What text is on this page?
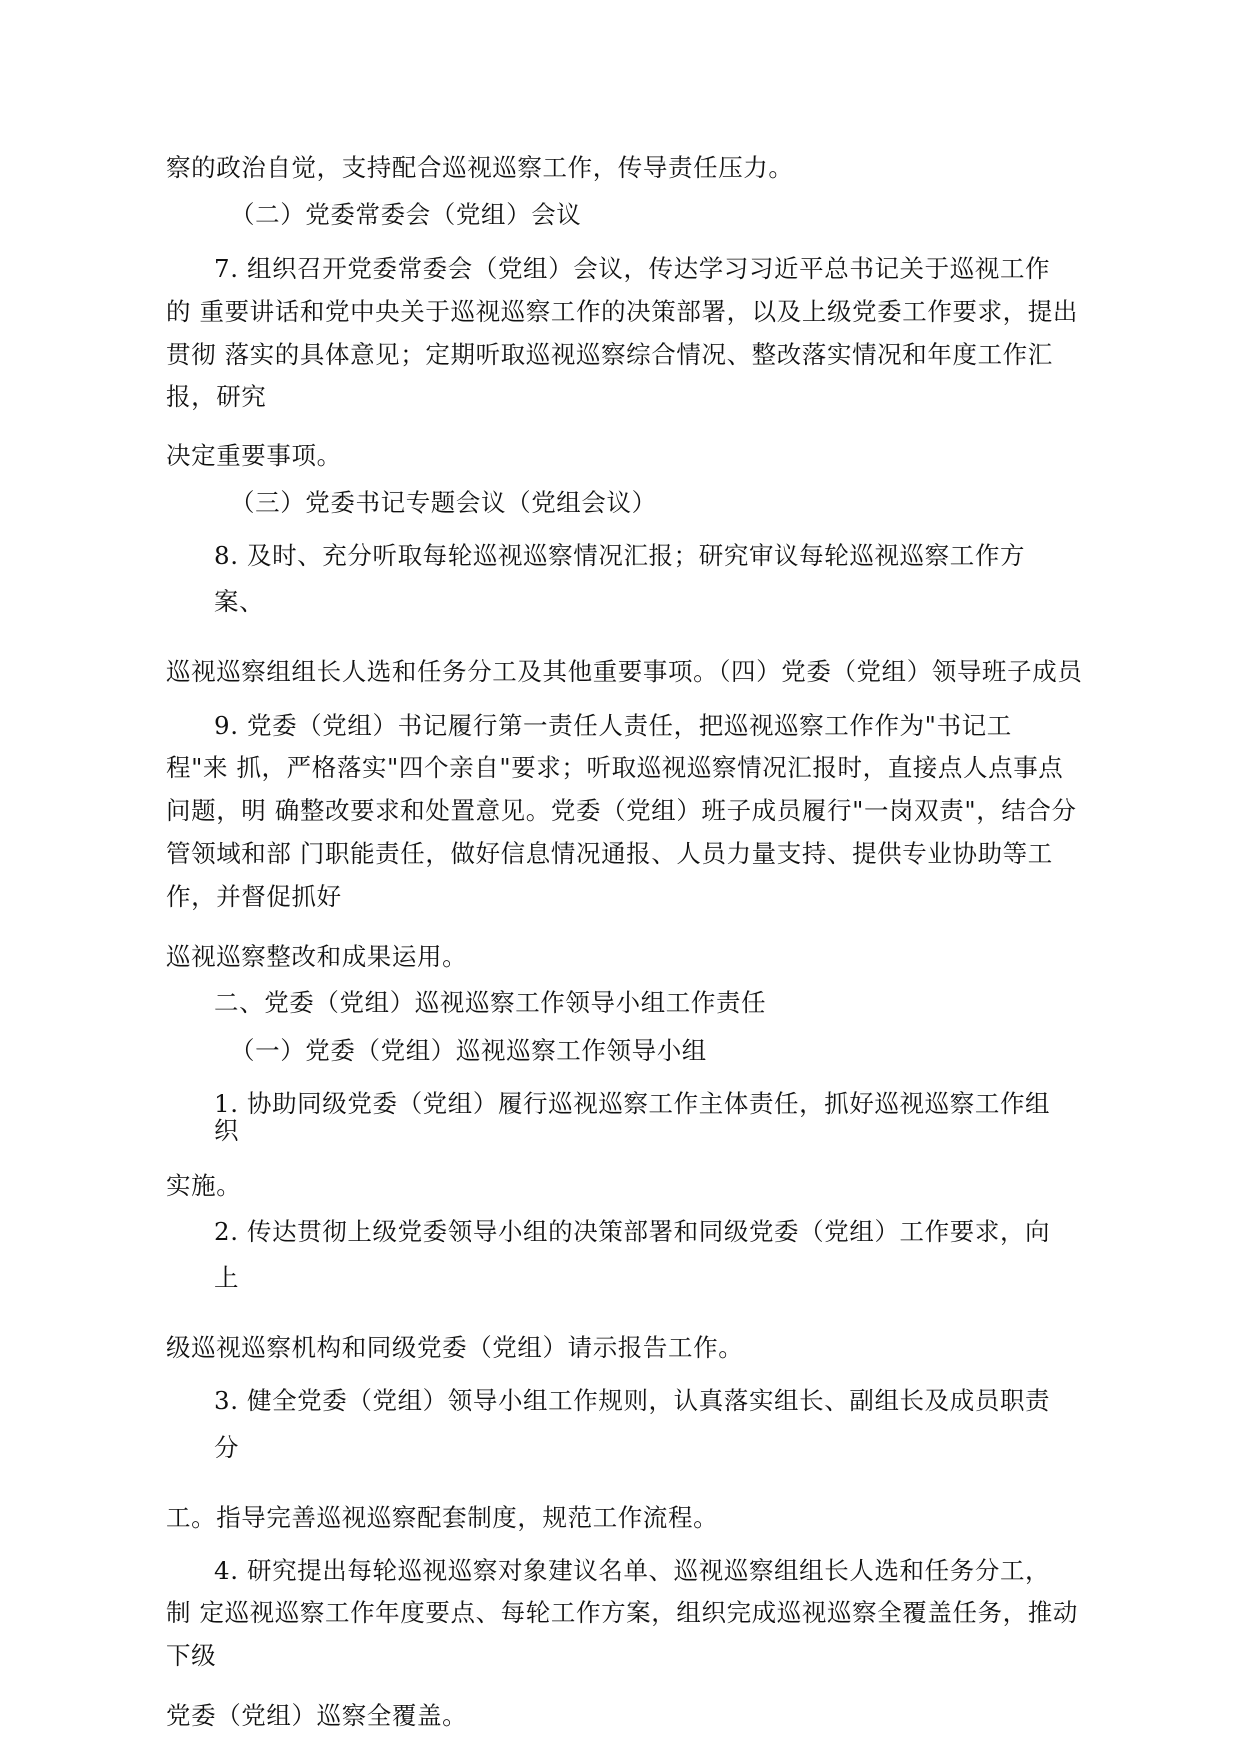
察的政治自觉，支持配合巡视巡察工作，传导责任压力。

（二）党委常委会（党组）会议

7. 组织召开党委常委会（党组）会议，传达学习习近平总书记关于巡视工作

的 重要讲话和党中央关于巡视巡察工作的决策部署，以及上级党委工作要求，提出

贯彻 落实的具体意见；定期听取巡视巡察综合情况、整改落实情况和年度工作汇

报，研究

决定重要事项。

（三）党委书记专题会议（党组会议）

8. 及时、充分听取每轮巡视巡察情况汇报；研究审议每轮巡视巡察工作方

案、

巡视巡察组组长人选和任务分工及其他重要事项。（四）党委（党组）领导班子成员

9. 党委（党组）书记履行第一责任人责任，把巡视巡察工作作为"书记工

程"来 抓，严格落实"四个亲自"要求；听取巡视巡察情况汇报时，直接点人点事点

问题，明 确整改要求和处置意见。党委（党组）班子成员履行"一岗双责"，结合分

管领域和部 门职能责任，做好信息情况通报、人员力量支持、提供专业协助等工

作，并督促抓好

巡视巡察整改和成果运用。

二、党委（党组）巡视巡察工作领导小组工作责任

（一）党委（党组）巡视巡察工作领导小组

1. 协助同级党委（党组）履行巡视巡察工作主体责任，抓好巡视巡察工作组

织

实施。

2. 传达贯彻上级党委领导小组的决策部署和同级党委（党组）工作要求，向

上

级巡视巡察机构和同级党委（党组）请示报告工作。

3. 健全党委（党组）领导小组工作规则，认真落实组长、副组长及成员职责

分

工。指导完善巡视巡察配套制度，规范工作流程。

4. 研究提出每轮巡视巡察对象建议名单、巡视巡察组组长人选和任务分工，

制 定巡视巡察工作年度要点、每轮工作方案，组织完成巡视巡察全覆盖任务，推动

下级

党委（党组）巡察全覆盖。
